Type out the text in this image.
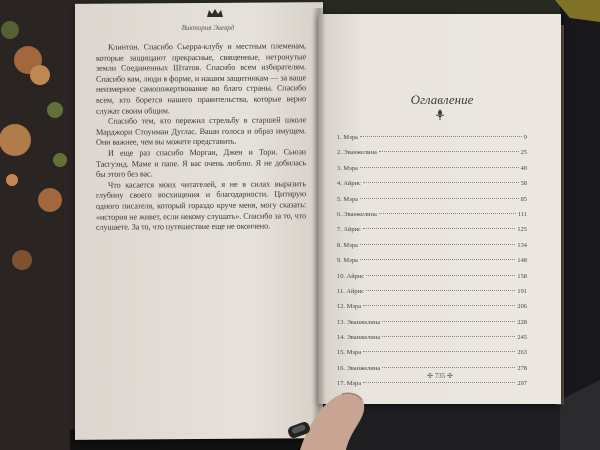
Виктория Эвеярд

Клинтон. Спасибо Сьерра-клубу и местным племенам, которые защищают прекрасные, священные, нетронутые земли Соединенных Штатов. Спасибо всем избирателям. Спасибо вам, люди в форме, и нашим защитникам — за ваше неизмерное самопожертвование во благо страны. Спасибо всем, кто борется нашего правительства, которые верно служат своим общим.

Спасибо тем, кто пережил стрельбу в старшей школе Марджори Стоунман Дуглас. Ваши голоса и образ имущем. Они важнее, чем вы можете представить.

И еще раз спасибо Морган, Джен и Тори. Сьюзи Тасгуэнд. Маме и папе. Я вас очень люблю. Я не добилась бы этого без вас.

Что касается моих читателей, я не в силах выразить глубину своего восхищения и благодарности. Цитирую одного писателя, который гораздо круче меня, могу сказать: «история не живет, если некому слушать». Спасибо за то, что слушаете. За то, что путешествие еще не окончено.

Оглавление
1. Мэра	9
2. Эванжелина	25
3. Мэра	40
4. Айрис	58
5. Мэра	85
6. Эванжелина	111
7. Айрис	125
8. Мэра	134
9. Мэра	148
10. Айрис	158
11. Айрис	191
12. Мэра	206
13. Эванжелина	228
14. Эванжелина	245
15. Мэра	263
16. Эванжелина	278
17. Мэра	297
✣ 735 ✣
